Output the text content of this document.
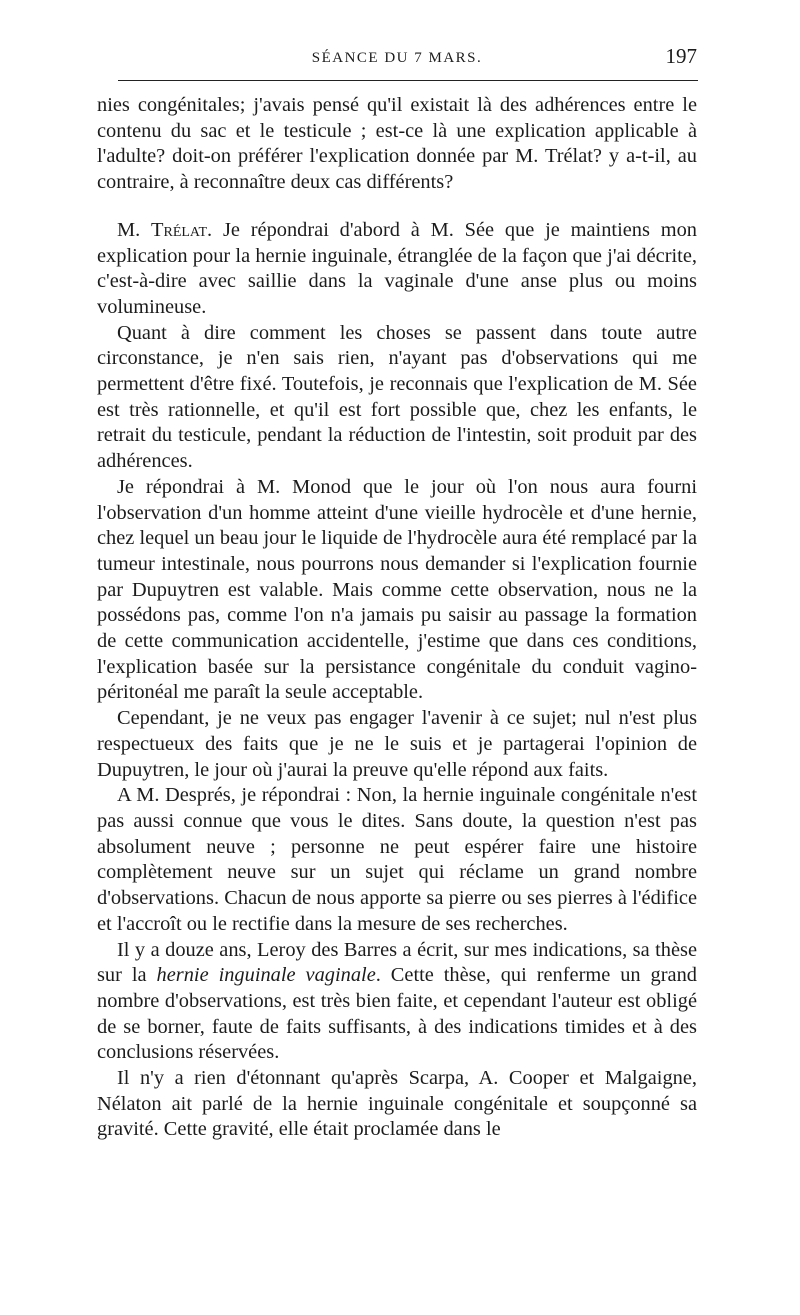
SÉANCE DU 7 MARS.	197

nies congénitales; j'avais pensé qu'il existait là des adhérences entre le contenu du sac et le testicule ; est-ce là une explication applicable à l'adulte? doit-on préférer l'explication donnée par M. Trélat? y a-t-il, au contraire, à reconnaître deux cas différents?

M. Trélat. Je répondrai d'abord à M. Sée que je maintiens mon explication pour la hernie inguinale, étranglée de la façon que j'ai décrite, c'est-à-dire avec saillie dans la vaginale d'une anse plus ou moins volumineuse.

Quant à dire comment les choses se passent dans toute autre circonstance, je n'en sais rien, n'ayant pas d'observations qui me permettent d'être fixé. Toutefois, je reconnais que l'explication de M. Sée est très rationnelle, et qu'il est fort possible que, chez les enfants, le retrait du testicule, pendant la réduction de l'intestin, soit produit par des adhérences.

Je répondrai à M. Monod que le jour où l'on nous aura fourni l'observation d'un homme atteint d'une vieille hydrocèle et d'une hernie, chez lequel un beau jour le liquide de l'hydrocèle aura été remplacé par la tumeur intestinale, nous pourrons nous demander si l'explication fournie par Dupuytren est valable. Mais comme cette observation, nous ne la possédons pas, comme l'on n'a jamais pu saisir au passage la formation de cette communication accidentelle, j'estime que dans ces conditions, l'explication basée sur la persistance congénitale du conduit vagino-péritonéal me paraît la seule acceptable.

Cependant, je ne veux pas engager l'avenir à ce sujet; nul n'est plus respectueux des faits que je ne le suis et je partagerai l'opinion de Dupuytren, le jour où j'aurai la preuve qu'elle répond aux faits.

A M. Després, je répondrai : Non, la hernie inguinale congénitale n'est pas aussi connue que vous le dites. Sans doute, la question n'est pas absolument neuve ; personne ne peut espérer faire une histoire complètement neuve sur un sujet qui réclame un grand nombre d'observations. Chacun de nous apporte sa pierre ou ses pierres à l'édifice et l'accroît ou le rectifie dans la mesure de ses recherches.

Il y a douze ans, Leroy des Barres a écrit, sur mes indications, sa thèse sur la hernie inguinale vaginale. Cette thèse, qui renferme un grand nombre d'observations, est très bien faite, et cependant l'auteur est obligé de se borner, faute de faits suffisants, à des indications timides et à des conclusions réservées.

Il n'y a rien d'étonnant qu'après Scarpa, A. Cooper et Malgaigne, Nélaton ait parlé de la hernie inguinale congénitale et soupçonné sa gravité. Cette gravité, elle était proclamée dans le
